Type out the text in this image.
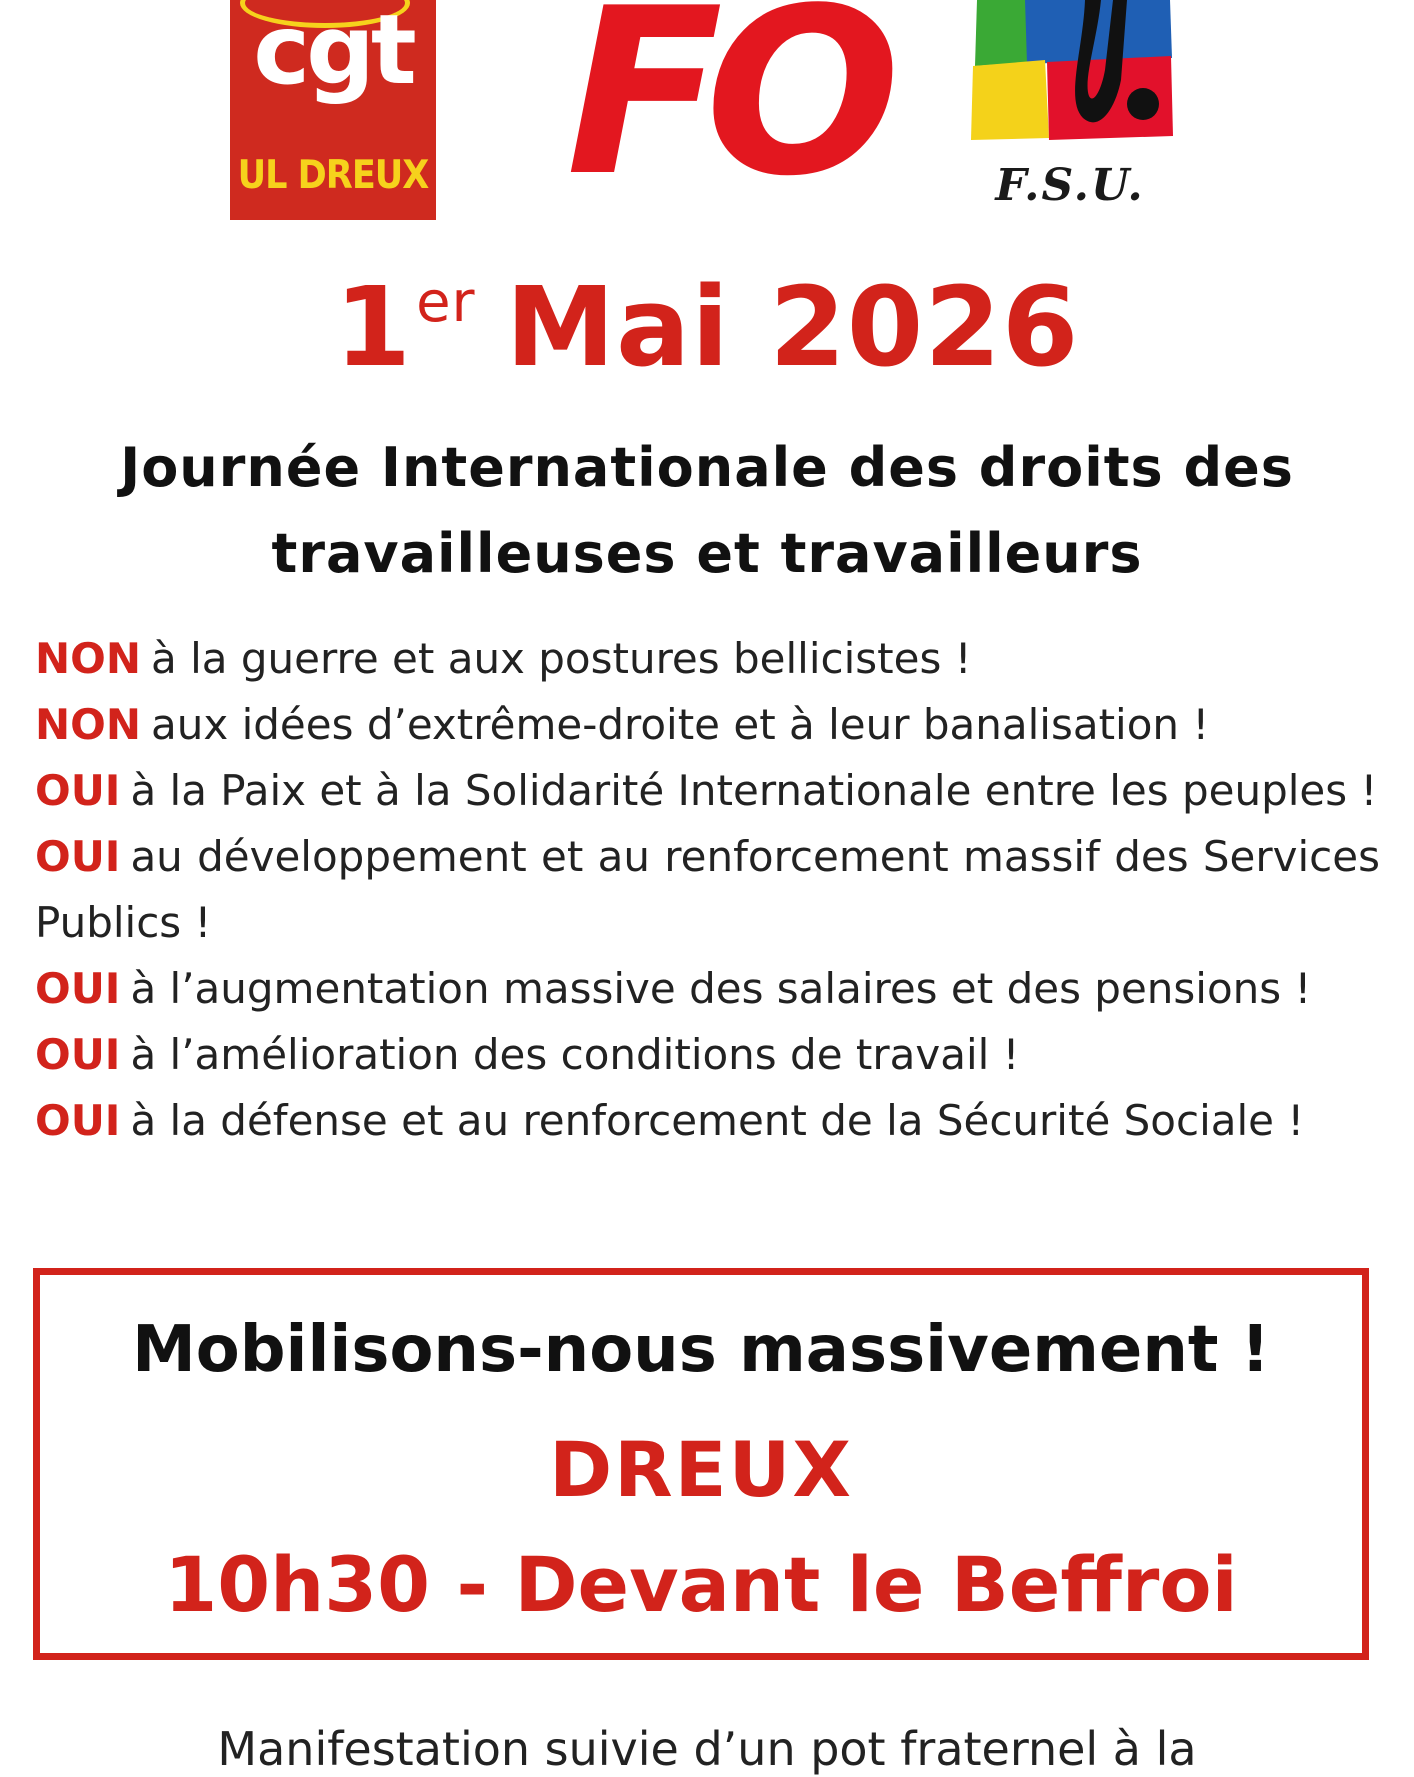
cgt
UL DREUX FO	F.S.U.
1er Mai 2026
Journée Internationale des droits des
travailleuses et travailleurs

NON à la guerre et aux postures bellicistes !

NON aux idées d’extrême-droite et à leur banalisation !

OUI à la Paix et à la Solidarité Internationale entre les peuples !

OUI au développement et au renforcement massif des Services Publics !

OUI à l’augmentation massive des salaires et des pensions !

OUI à l’amélioration des conditions de travail !

OUI à la défense et au renforcement de la Sécurité Sociale !

Mobilisons-nous massivement !
DREUX
10h30 - Devant le Beffroi
Manifestation suivie d’un pot fraternel à la
